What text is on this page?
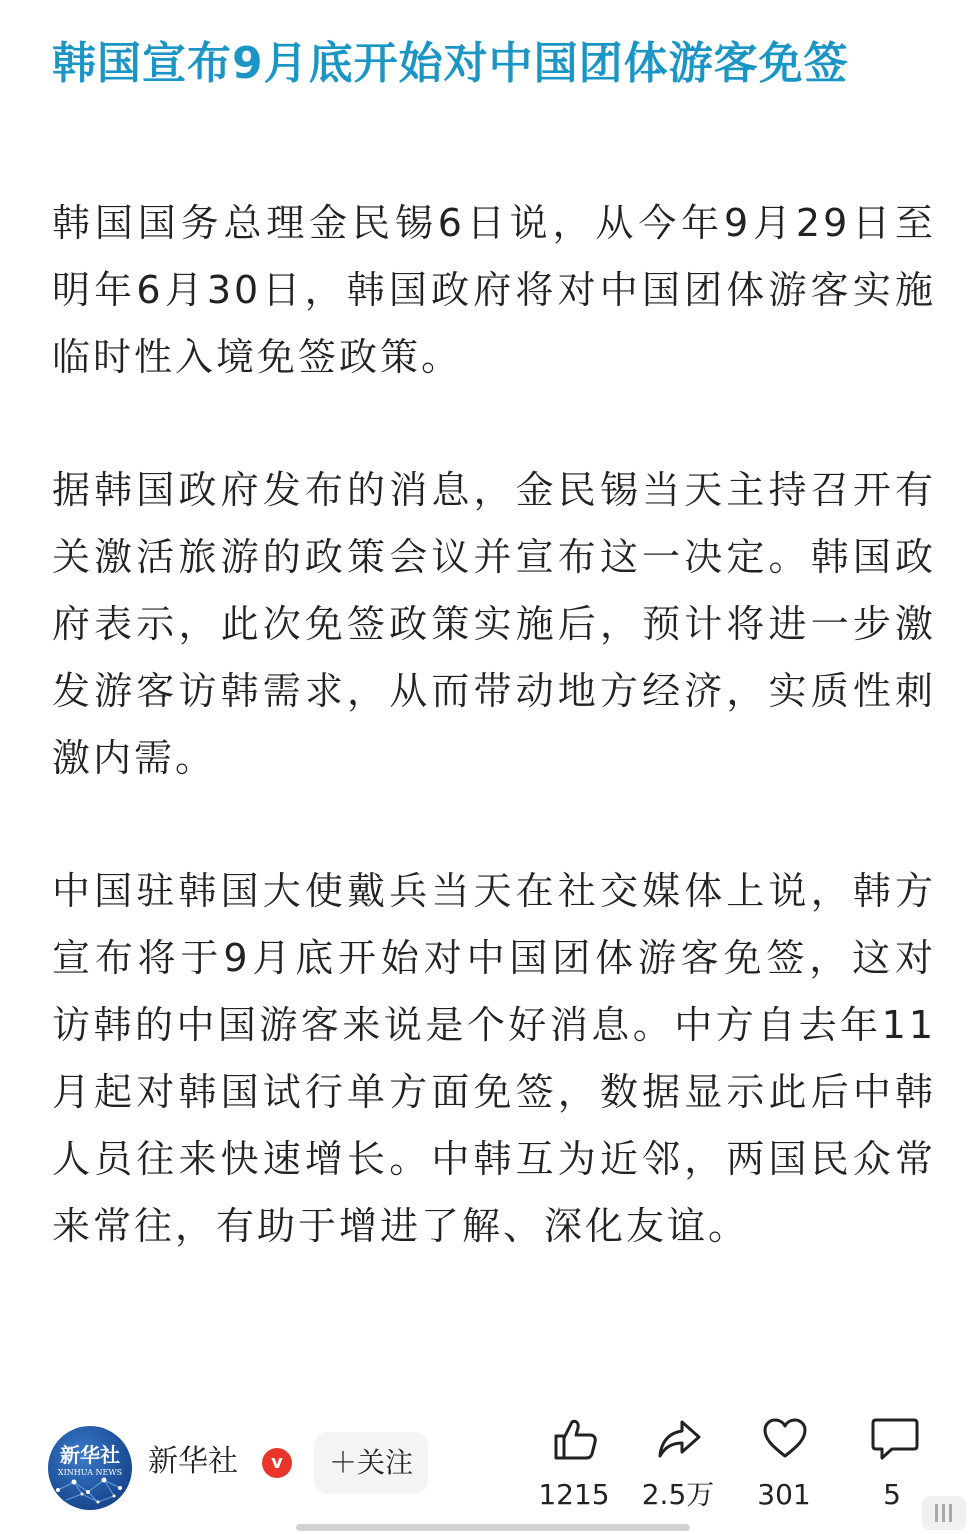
韩国宣布9月底开始对中国团体游客免签

韩国国务总理金民锡6日说，从今年9月29日至明年6月30日，韩国政府将对中国团体游客实施临时性入境免签政策。

据韩国政府发布的消息，金民锡当天主持召开有关激活旅游的政策会议并宣布这一决定。韩国政府表示，此次免签政策实施后，预计将进一步激发游客访韩需求，从而带动地方经济，实质性刺激内需。

中国驻韩国大使戴兵当天在社交媒体上说，韩方宣布将于9月底开始对中国团体游客免签，这对访韩的中国游客来说是个好消息。中方自去年11月起对韩国试行单方面免签，数据显示此后中韩人员往来快速增长。中韩互为近邻，两国民众常来常往，有助于增进了解、深化友谊。

新华社
XINHUA NEWS 新华社	v	＋关注
1215	2.5万	301	5
